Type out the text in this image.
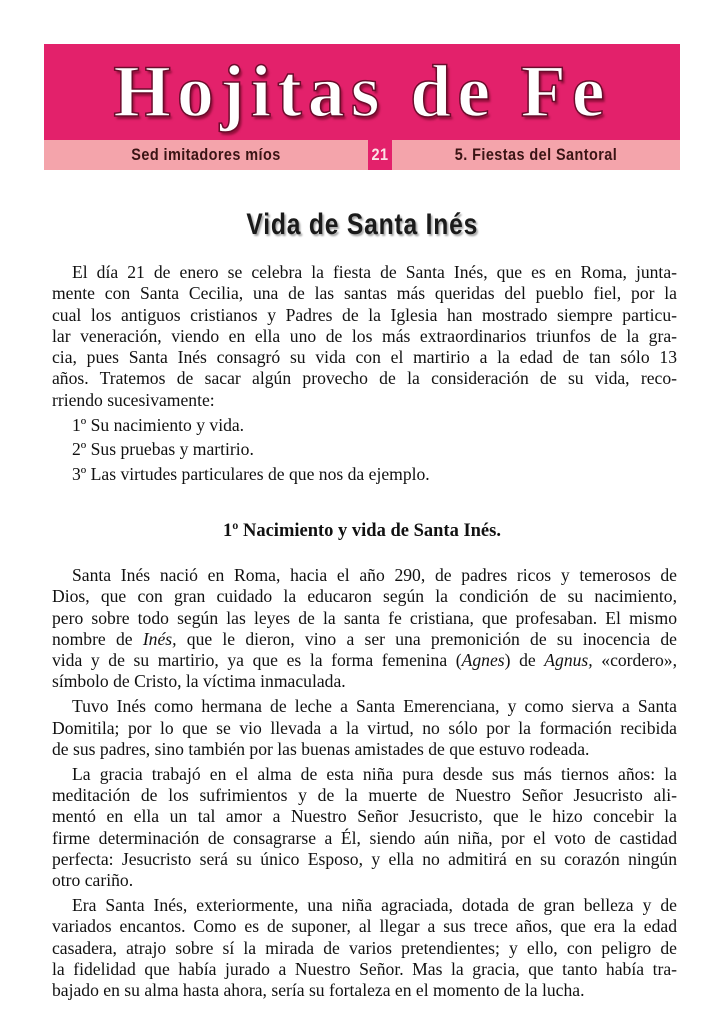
Hojitas de Fe
Sed imitadores míos	21	5. Fiestas del Santoral
Vida de Santa Inés
El día 21 de enero se celebra la fiesta de Santa Inés, que es en Roma, junta-
mente con Santa Cecilia, una de las santas más queridas del pueblo fiel, por la
cual los antiguos cristianos y Padres de la Iglesia han mostrado siempre particu-
lar veneración, viendo en ella uno de los más extraordinarios triunfos de la gra-
cia, pues Santa Inés consagró su vida con el martirio a la edad de tan sólo 13
años. Tratemos de sacar algún provecho de la consideración de su vida, reco-
rriendo sucesivamente:
1º Su nacimiento y vida.
2º Sus pruebas y martirio.
3º Las virtudes particulares de que nos da ejemplo.
1º Nacimiento y vida de Santa Inés.
Santa Inés nació en Roma, hacia el año 290, de padres ricos y temerosos de
Dios, que con gran cuidado la educaron según la condición de su nacimiento,
pero sobre todo según las leyes de la santa fe cristiana, que profesaban. El mismo
nombre de Inés, que le dieron, vino a ser una premonición de su inocencia de
vida y de su martirio, ya que es la forma femenina (Agnes) de Agnus, «cordero»,
símbolo de Cristo, la víctima inmaculada.
Tuvo Inés como hermana de leche a Santa Emerenciana, y como sierva a Santa
Domitila; por lo que se vio llevada a la virtud, no sólo por la formación recibida
de sus padres, sino también por las buenas amistades de que estuvo rodeada.
La gracia trabajó en el alma de esta niña pura desde sus más tiernos años: la
meditación de los sufrimientos y de la muerte de Nuestro Señor Jesucristo ali-
mentó en ella un tal amor a Nuestro Señor Jesucristo, que le hizo concebir la
firme determinación de consagrarse a Él, siendo aún niña, por el voto de castidad
perfecta: Jesucristo será su único Esposo, y ella no admitirá en su corazón ningún
otro cariño.
Era Santa Inés, exteriormente, una niña agraciada, dotada de gran belleza y de
variados encantos. Como es de suponer, al llegar a sus trece años, que era la edad
casadera, atrajo sobre sí la mirada de varios pretendientes; y ello, con peligro de
la fidelidad que había jurado a Nuestro Señor. Mas la gracia, que tanto había tra-
bajado en su alma hasta ahora, sería su fortaleza en el momento de la lucha.
